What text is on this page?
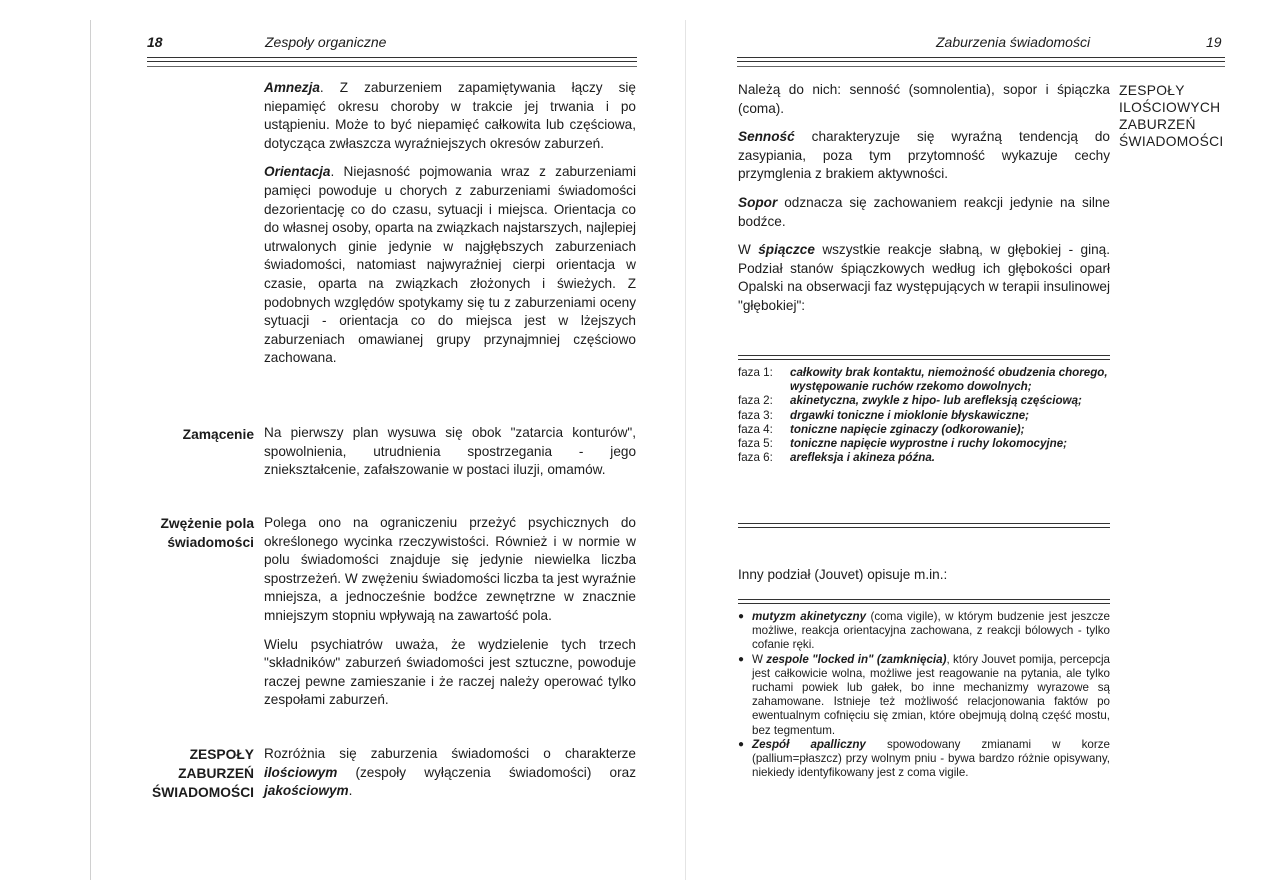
18	Zespoły organiczne

Amnezja. Z zaburzeniem zapamiętywania łączy się niepamięć okresu choroby w trakcie jej trwania i po ustąpieniu. Może to być niepamięć całkowita lub częściowa, dotycząca zwłaszcza wyraźniejszych okresów zaburzeń.

Orientacja. Niejasność pojmowania wraz z zaburzeniami pamięci powoduje u chorych z zaburzeniami świadomości dezorientację co do czasu, sytuacji i miejsca. Orientacja co do własnej osoby, oparta na związkach najstarszych, najlepiej utrwalonych ginie jedynie w najgłębszych zaburzeniach świadomości, natomiast najwyraźniej cierpi orientacja w czasie, oparta na związkach złożonych i świeżych. Z podobnych względów spotykamy się tu z zaburzeniami oceny sytuacji - orientacja co do miejsca jest w lżejszych zaburzeniach omawianej grupy przynajmniej częściowo zachowana.

Zamącenie Na pierwszy plan wysuwa się obok "zatarcia konturów", spowolnienia, utrudnienia spostrzegania - jego zniekształcenie, zafałszowanie w postaci iluzji, omamów.

Zwężenie pola
świadomości

Polega ono na ograniczeniu przeżyć psychicznych do określonego wycinka rzeczywistości. Również i w normie w polu świadomości znajduje się jedynie niewielka liczba spostrzeżeń. W zwężeniu świadomości liczba ta jest wyraźnie mniejsza, a jednocześnie bodźce zewnętrzne w znacznie mniejszym stopniu wpływają na zawartość pola.

Wielu psychiatrów uważa, że wydzielenie tych trzech "składników" zaburzeń świadomości jest sztuczne, powoduje raczej pewne zamieszanie i że raczej należy operować tylko zespołami zaburzeń.

ZESPOŁY
ZABURZEŃ
ŚWIADOMOŚCI

Rozróżnia się zaburzenia świadomości o charakterze ilościowym (zespoły wyłączenia świadomości) oraz jakościowym.

Zaburzenia świadomości	19
ZESPOŁY
ILOŚCIOWYCH
ZABURZEŃ
ŚWIADOMOŚCI

Należą do nich: senność (somnolentia), sopor i śpiączka (coma).

Senność charakteryzuje się wyraźną tendencją do zasypiania, poza tym przytomność wykazuje cechy przymglenia z brakiem aktywności.

Sopor odznacza się zachowaniem reakcji jedynie na silne bodźce.

W śpiączce wszystkie reakcje słabną, w głębokiej - giną. Podział stanów śpiączkowych według ich głębokości oparł Opalski na obserwacji faz występujących w terapii insulinowej "głębokiej":

faza 1:	całkowity brak kontaktu, niemożność obudzenia chorego, występowanie ruchów rzekomo dowolnych;
faza 2:	akinetyczna, zwykle z hipo- lub arefleksją częściową;
faza 3:	drgawki toniczne i mioklonie błyskawiczne;
faza 4:	toniczne napięcie zginaczy (odkorowanie);
faza 5:	toniczne napięcie wyprostne i ruchy lokomocyjne;
faza 6:	arefleksja i akineza późna.

Inny podział (Jouvet) opisuje m.in.:

● mutyzm akinetyczny (coma vigile), w którym budzenie jest jeszcze możliwe, reakcja orientacyjna zachowana, z reakcji bólowych - tylko cofanie ręki.
● W zespole "locked in" (zamknięcia), który Jouvet pomija, percepcja jest całkowicie wolna, możliwe jest reagowanie na pytania, ale tylko ruchami powiek lub gałek, bo inne mechanizmy wyrazowe są zahamowane. Istnieje też możliwość relacjonowania faktów po ewentualnym cofnięciu się zmian, które obejmują dolną część mostu, bez tegmentum.
● Zespół apalliczny spowodowany zmianami w korze (pallium=płaszcz) przy wolnym pniu - bywa bardzo różnie opisywany, niekiedy identyfikowany jest z coma vigile.
